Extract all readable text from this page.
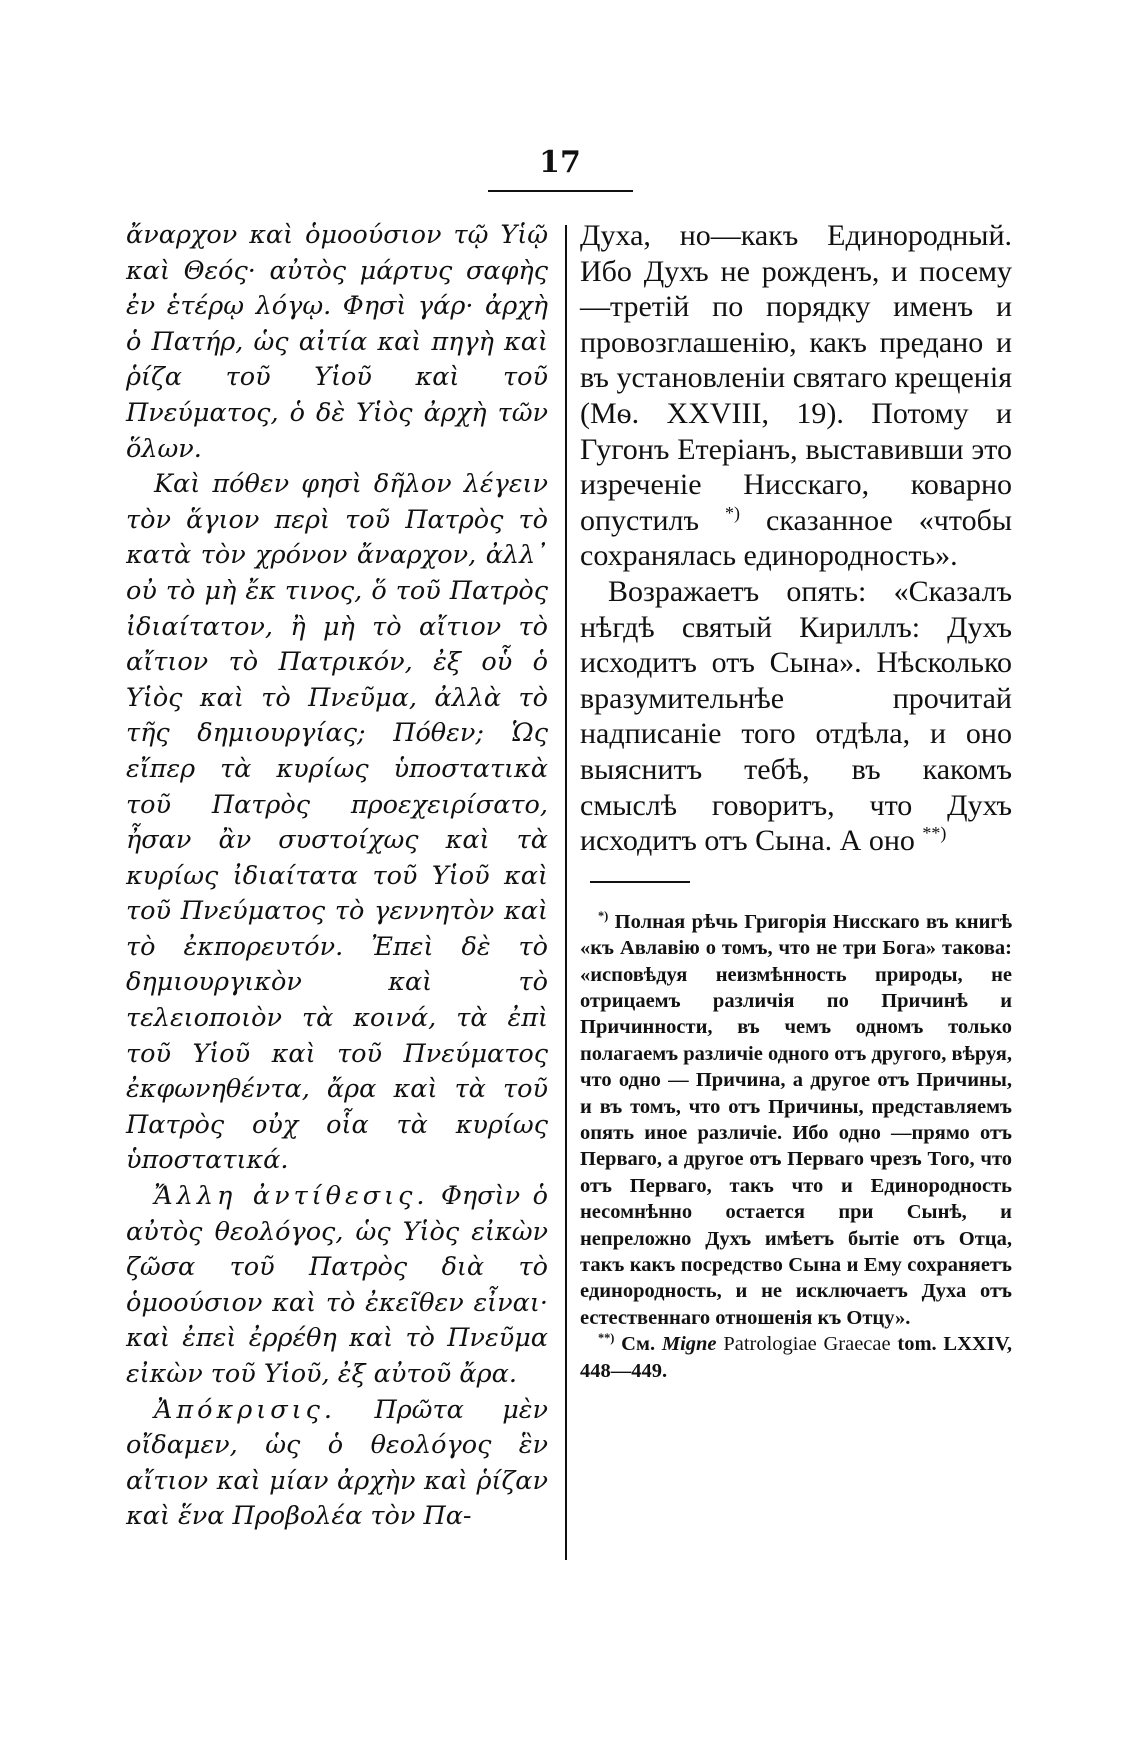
17

ἄναρχον καὶ ὁμοούσιον τῷ Υἱῷ καὶ Θεός· αὐτὸς μάρτυς σαφὴς ἐν ἑτέρῳ λόγῳ. Φησὶ γάρ· ἀρχὴ ὁ Πατήρ, ὡς αἰτία καὶ πηγὴ καὶ ῥίζα τοῦ Υἱοῦ καὶ τοῦ Πνεύματος, ὁ δὲ Υἱὸς ἀρχὴ τῶν ὅλων.

Καὶ πόθεν φησὶ δῆλον λέγειν τὸν ἅγιον περὶ τοῦ Πατρὸς τὸ κατὰ τὸν χρόνον ἄναρχον, ἀλλ᾽ οὐ τὸ μὴ ἔκ τινος, ὅ τοῦ Πατρὸς ἰδιαίτατον, ἢ μὴ τὸ αἴτιον τὸ αἴτιον τὸ Πατρικόν, ἐξ οὗ ὁ Υἱὸς καὶ τὸ Πνεῦμα, ἀλλὰ τὸ τῆς δημιουργίας; Πόθεν; Ὡς εἴπερ τὰ κυρίως ὑποστατικὰ τοῦ Πατρὸς προεχειρίσατο, ἦσαν ἂν συστοίχως καὶ τὰ κυρίως ἰδιαίτατα τοῦ Υἱοῦ καὶ τοῦ Πνεύματος τὸ γεννητὸν καὶ τὸ ἐκπορευτόν. Ἐπεὶ δὲ τὸ δημιουργικὸν καὶ τὸ τελειοποιὸν τὰ κοινά, τὰ ἐπὶ τοῦ Υἱοῦ καὶ τοῦ Πνεύματος ἐκφωνηθέντα, ἄρα καὶ τὰ τοῦ Πατρὸς οὐχ οἷα τὰ κυρίως ὑποστατικά.

Ἄλλη ἀντίθεσις. Φησὶν ὁ αὐτὸς θεολόγος, ὡς Υἱὸς εἰκὼν ζῶσα τοῦ Πατρὸς διὰ τὸ ὁμοούσιον καὶ τὸ ἐκεῖθεν εἶναι· καὶ ἐπεὶ ἐρρέθη καὶ τὸ Πνεῦμα εἰκὼν τοῦ Υἱοῦ, ἐξ αὐτοῦ ἄρα.

Ἀπόκρισις. Πρῶτα μὲν οἴδαμεν, ὡς ὁ θεολόγος ἓν αἴτιον καὶ μίαν ἀρχὴν καὶ ῥίζαν καὶ ἕνα Προβολέα τὸν Πα-

Духа, но—какъ Единородный. Ибо Духъ не рожденъ, и посему—третій по порядку именъ и провозглашенію, какъ предано и въ установленіи святаго крещенія (Мѳ. XXVIII, 19). Потому и Гугонъ Етеріанъ, выставивши это изреченіе Нисскаго, коварно опустилъ *) сказанное «чтобы сохранялась единородность».

Возражаетъ опять: «Сказалъ нѣгдѣ святый Кириллъ: Духъ исходитъ отъ Сына». Нѣсколько вразумительнѣе прочитай надписаніе того отдѣла, и оно выяснитъ тебѣ, въ какомъ смыслѣ говоритъ, что Духъ исходитъ отъ Сына. А оно **)

*) Полная рѣчь Григорія Нисскаго въ книгѣ «къ Авлавію о томъ, что не три Бога» такова: «исповѣдуя неизмѣнность природы, не отрицаемъ различія по Причинѣ и Причинности, въ чемъ одномъ только полагаемъ различіе одного отъ другого, вѣруя, что одно — Причина, а другое отъ Причины, и въ томъ, что отъ Причины, представляемъ опять иное различіе. Ибо одно —прямо отъ Перваго, а другое отъ Перваго чрезъ Того, что отъ Перваго, такъ что и Единородность несомнѣнно остается при Сынѣ, и непреложно Духъ имѣетъ бытіе отъ Отца, такъ какъ посредство Сына и Ему сохраняетъ единородность, и не исключаетъ Духа отъ естественнаго отношенія къ Отцу».

**) См. Migne Patrologiae Graecae tom. LXXIV, 448—449.
